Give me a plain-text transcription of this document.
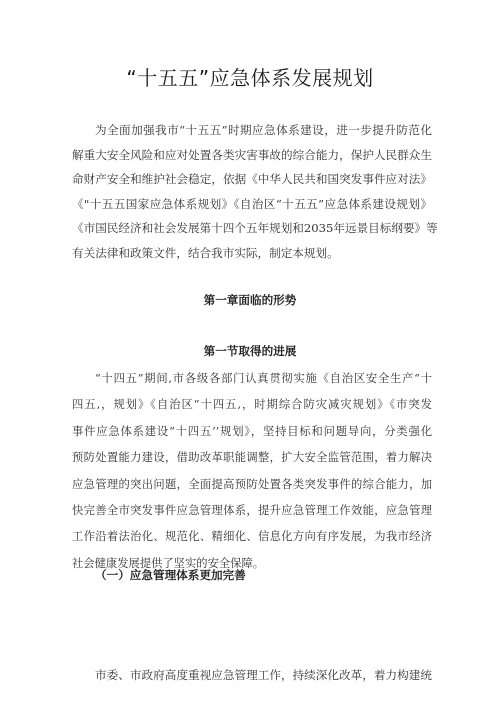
“十五五”应急体系发展规划
为全面加强我市“十五五”时期应急体系建设，进一步提升防范化
解重大安全风险和应对处置各类灾害事故的综合能力，保护人民群众生
命财产安全和维护社会稳定，依据《中华人民共和国突发事件应对法》
《"十五五国家应急体系规划》《自治区“十五五”应急体系建设规划》
《市国民经济和社会发展第十四个五年规划和2035年远景目标纲要》等
有关法律和政策文件，结合我市实际，制定本规划。
第一章面临的形势
第一节取得的进展
“十四五”期间,市各级各部门认真贯彻实施《自治区安全生产“十
四五,，规划》《自治区“十四五,，时期综合防灾减灾规划》《市突发
事件应急体系建设“十四五’’规划》，坚持目标和问题导向，分类强化
预防处置能力建设，借助改革职能调整，扩大安全监管范围，着力解决
应急管理的突出问题，全面提高预防处置各类突发事件的综合能力，加
快完善全市突发事件应急管理体系，提升应急管理工作效能，应急管理
工作沿着法治化、规范化、精细化、信息化方向有序发展，为我市经济
社会健康发展提供了坚实的安全保障。
（一）应急管理体系更加完善
市委、市政府高度重视应急管理工作，持续深化改革，着力构建统
